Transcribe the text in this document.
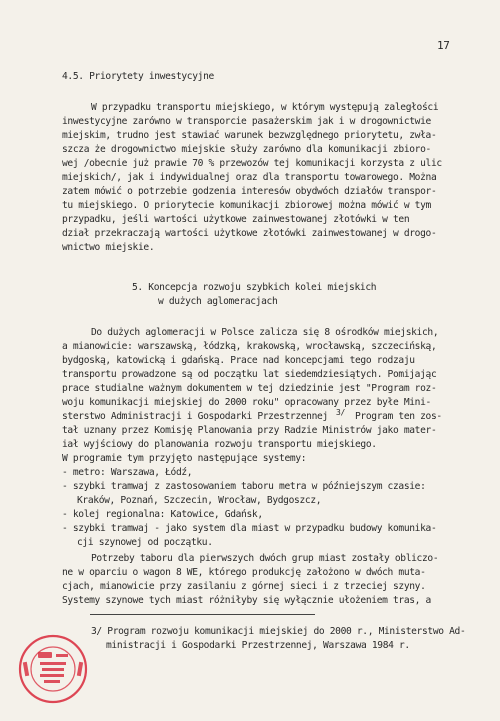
17
4.5. Priorytety inwestycyjne
W przypadku transportu miejskiego, w którym występują zaległości
inwestycyjne zarówno w transporcie pasażerskim jak i w drogownictwie
miejskim, trudno jest stawiać warunek bezwzględnego priorytetu, zwła-
szcza że drogownictwo miejskie służy zarówno dla komunikacji zbioro-
wej /obecnie już prawie 70 % przewozów tej komunikacji korzysta z ulic
miejskich/, jak i indywidualnej oraz dla transportu towarowego. Można
zatem mówić o potrzebie godzenia interesów obydwóch działów transpor-
tu miejskiego. O priorytecie komunikacji zbiorowej można mówić w tym
przypadku, jeśli wartości użytkowe zainwestowanej złotówki w ten
dział przekraczają wartości użytkowe złotówki zainwestowanej w drogo-
wnictwo miejskie.
5. Koncepcja rozwoju szybkich kolei miejskich
w dużych aglomeracjach
Do dużych aglomeracji w Polsce zalicza się 8 ośrodków miejskich,
a mianowicie: warszawską, łódzką, krakowską, wrocławską, szczecińską,
bydgoską, katowicką i gdańską. Prace nad koncepcjami tego rodzaju
transportu prowadzone są od początku lat siedemdziesiątych. Pomijając
prace studialne ważnym dokumentem w tej dziedzinie jest "Program roz-
woju komunikacji miejskiej do 2000 roku" opracowany przez byłe Mini-
sterstwo Administracji i Gospodarki Przestrzennej 3/ Program ten zos-
tał uznany przez Komisję Planowania przy Radzie Ministrów jako mater-
iał wyjściowy do planowania rozwoju transportu miejskiego.
W programie tym przyjęto następujące systemy:
- metro: Warszawa, Łódź,
- szybki tramwaj z zastosowaniem taboru metra w późniejszym czasie:
Kraków, Poznań, Szczecin, Wrocław, Bydgoszcz,
- kolej regionalna: Katowice, Gdańsk,
- szybki tramwaj - jako system dla miast w przypadku budowy komunika-
cji szynowej od początku.
Potrzeby taboru dla pierwszych dwóch grup miast zostały obliczo-
ne w oparciu o wagon 8 WE, którego produkcję założono w dwóch muta-
cjach, mianowicie przy zasilaniu z górnej sieci i z trzeciej szyny.
Systemy szynowe tych miast różniłyby się wyłącznie ułożeniem tras, a
3/ Program rozwoju komunikacji miejskiej do 2000 r., Ministerstwo Ad-
ministracji i Gospodarki Przestrzennej, Warszawa 1984 r.
